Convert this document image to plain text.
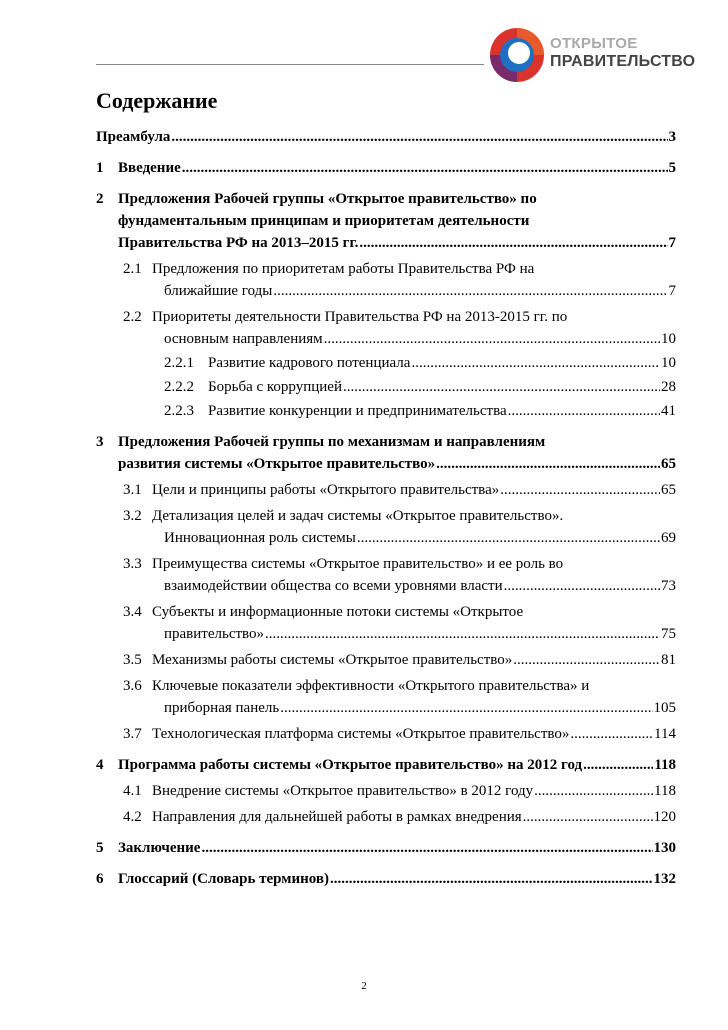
ОТКРЫТОЕ
ПРАВИТЕЛЬСТВО
Содержание
Преамбула .....	3
1 Введение .....	5
2 Предложения Рабочей группы «Открытое правительство» по
фундаментальным принципам и приоритетам деятельности
Правительства РФ на 2013–2015 гг. .....	7
2.1 Предложения по приоритетам работы Правительства РФ на
ближайшие годы .....	7
2.2 Приоритеты деятельности Правительства РФ на 2013-2015 гг. по
основным направлениям .....	10
2.2.1 Развитие кадрового потенциала .....	10
2.2.2 Борьба с коррупцией .....	28
2.2.3 Развитие конкуренции и предпринимательства .....	41
3 Предложения Рабочей группы по механизмам и направлениям
развития системы «Открытое правительство» .....	65
3.1 Цели и принципы работы «Открытого правительства» .....	65
3.2 Детализация целей и задач системы «Открытое правительство».
Инновационная роль системы .....	69
3.3 Преимущества системы «Открытое правительство» и ее роль во
взаимодействии общества со всеми уровнями власти .....	73
3.4 Субъекты и информационные потоки системы «Открытое
правительство» .....	75
3.5 Механизмы работы системы «Открытое правительство» .....	81
3.6 Ключевые показатели эффективности «Открытого правительства» и
приборная панель .....	105
3.7 Технологическая платформа системы «Открытое правительство» .....	114
4 Программа работы системы «Открытое правительство» на 2012 год .....	118
4.1 Внедрение системы «Открытое правительство» в 2012 году .....	118
4.2 Направления для дальнейшей работы в рамках внедрения .....	120
5 Заключение .....	130
6 Глоссарий (Словарь терминов) .....	132
2
